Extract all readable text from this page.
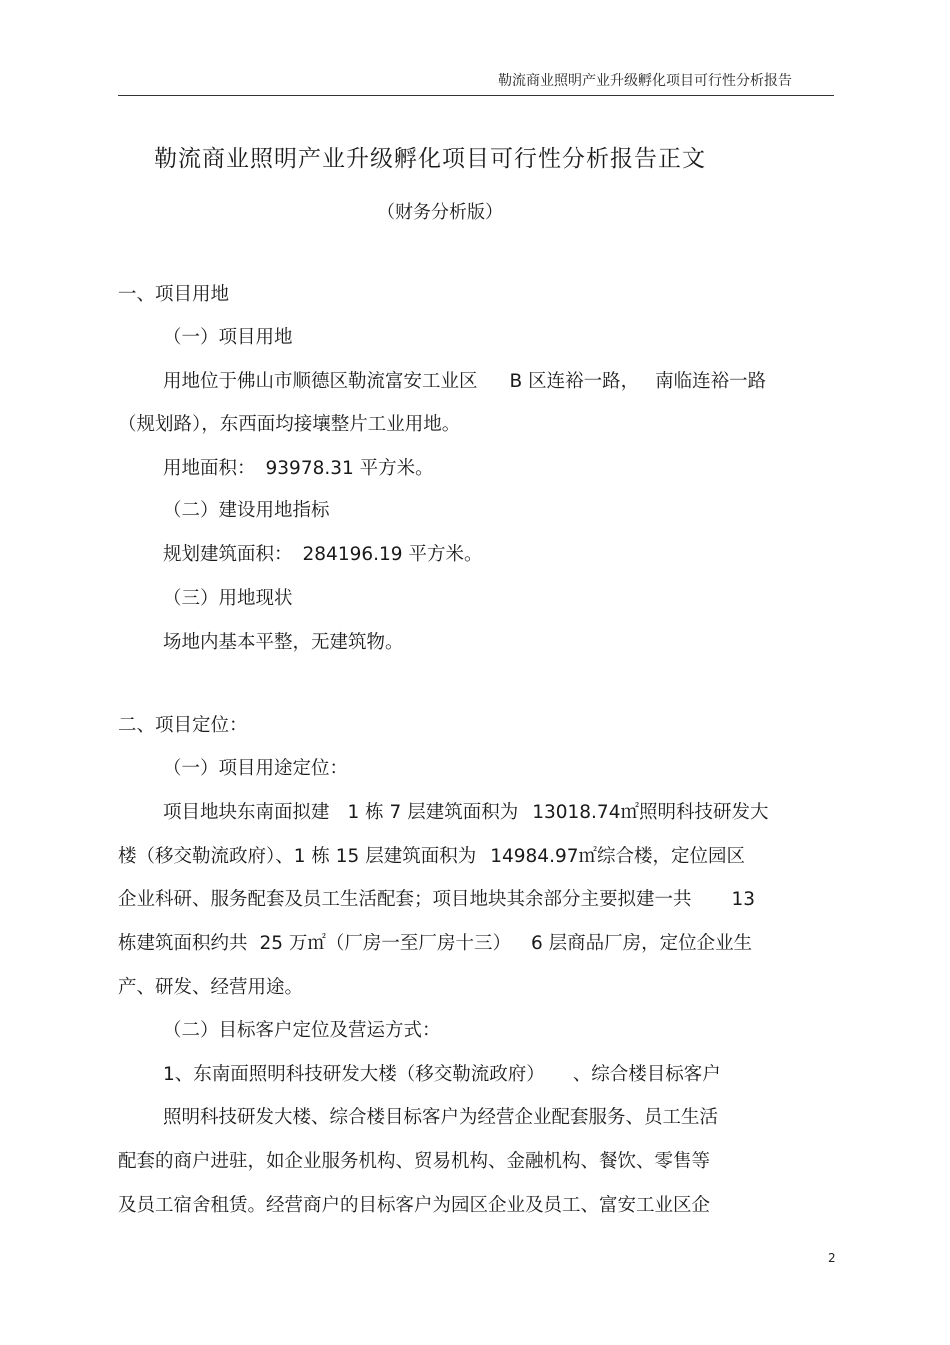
勒流商业照明产业升级孵化项目可行性分析报告
勒流商业照明产业升级孵化项目可行性分析报告正文
（财务分析版）
一、项目用地
（一）项目用地
用地位于佛山市顺德区勒流富安工业区 B 区连裕一路， 南临连裕一路
（规划路），东西面均接壤整片工业用地。
用地面积： 93978.31 平方米。
（二）建设用地指标
规划建筑面积： 284196.19 平方米。
（三）用地现状
场地内基本平整，无建筑物。
二、项目定位：
（一）项目用途定位：
项目地块东南面拟建 1 栋 7 层建筑面积为 13018.74㎡照明科技研发大
楼（移交勒流政府）、1 栋 15 层建筑面积为 14984.97㎡综合楼，定位园区
企业科研、服务配套及员工生活配套；项目地块其余部分主要拟建一共 13
栋建筑面积约共 25 万㎡（厂房一至厂房十三） 6 层商品厂房，定位企业生
产、研发、经营用途。
（二）目标客户定位及营运方式：
1、东南面照明科技研发大楼（移交勒流政府） 、综合楼目标客户
照明科技研发大楼、综合楼目标客户为经营企业配套服务、员工生活
配套的商户进驻，如企业服务机构、贸易机构、金融机构、餐饮、零售等
及员工宿舍租赁。经营商户的目标客户为园区企业及员工、富安工业区企
2
